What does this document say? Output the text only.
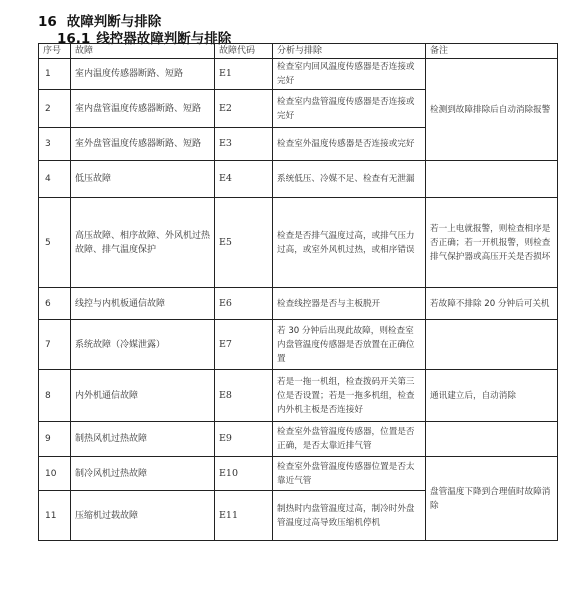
16 故障判断与排除
16.1 线控器故障判断与排除
序号	故障	故障代码	分析与排除	备注
1	室内温度传感器断路、短路	E1	检查室内回风温度传感器是否连接或完好	检测到故障排除后自动消除报警
2	室内盘管温度传感器断路、短路	E2	检查室内盘管温度传感器是否连接或完好	
3	室外盘管温度传感器断路、短路	E3	检查室外温度传感器是否连接或完好	
4	低压故障	E4	系统低压、冷媒不足、检查有无泄漏	
5	高压故障、相序故障、外风机过热故障、排气温度保护	E5	检查是否排气温度过高，或排气压力过高，或室外风机过热，或相序错误	若一上电就报警，则检查相序是否正确；若一开机报警，则检查排气保护器或高压开关是否损坏
6	线控与内机板通信故障	E6	检查线控器是否与主板脱开	若故障不排除 20 分钟后可关机
7	系统故障（冷媒泄露）	E7	若 30 分钟后出现此故障，则检查室内盘管温度传感器是否放置在正确位置	
8	内外机通信故障	E8	若是一拖一机组，检查拨码开关第三位是否设置；若是一拖多机组，检查内外机主板是否连接好	通讯建立后，自动消除
9	制热风机过热故障	E9	检查室外盘管温度传感器，位置是否正确，是否太靠近排气管	
10	制冷风机过热故障	E10	检查室外盘管温度传感器位置是否太靠近气管	盘管温度下降到合理值时故障消除
11	压缩机过载故障	E11	制热时内盘管温度过高，制冷时外盘管温度过高导致压缩机停机	
